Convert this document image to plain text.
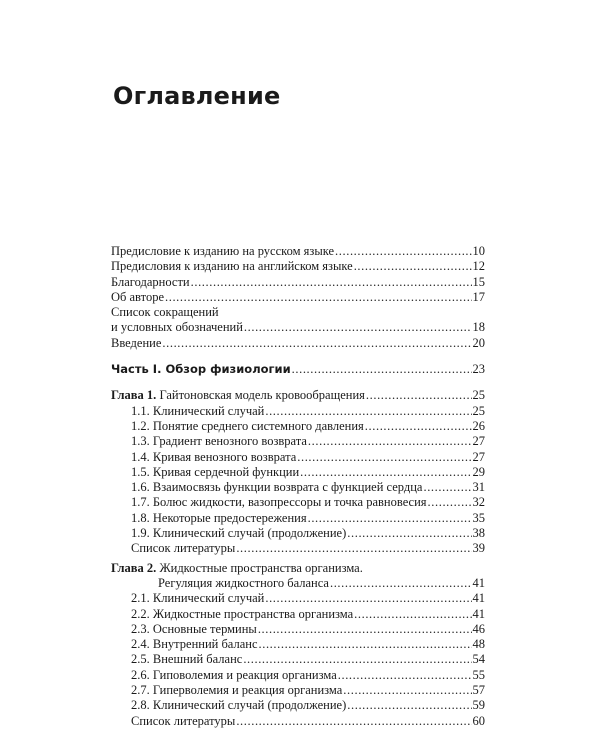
Оглавление
Предисловие к изданию на русском языке .....	10
Предисловия к изданию на английском языке .....	12
Благодарности .....	15
Об авторе .....	17
Список сокращений
и условных обозначений .....	18
Введение .....	20
Часть I. Обзор физиологии .....	23
Глава 1. Гайтоновская модель кровообращения .....	25
1.1. Клинический случай .....	25
1.2. Понятие среднего системного давления .....	26
1.3. Градиент венозного возврата .....	27
1.4. Кривая венозного возврата .....	27
1.5. Кривая сердечной функции .....	29
1.6. Взаимосвязь функции возврата с функцией сердца .....	31
1.7. Болюс жидкости, вазопрессоры и точка равновесия .....	32
1.8. Некоторые предостережения .....	35
1.9. Клинический случай (продолжение) .....	38
Список литературы .....	39
Глава 2. Жидкостные пространства организма.
Регуляция жидкостного баланса .....	41
2.1. Клинический случай .....	41
2.2. Жидкостные пространства организма .....	41
2.3. Основные термины .....	46
2.4. Внутренний баланс .....	48
2.5. Внешний баланс .....	54
2.6. Гиповолемия и реакция организма .....	55
2.7. Гиперволемия и реакция организма .....	57
2.8. Клинический случай (продолжение) .....	59
Список литературы .....	60
